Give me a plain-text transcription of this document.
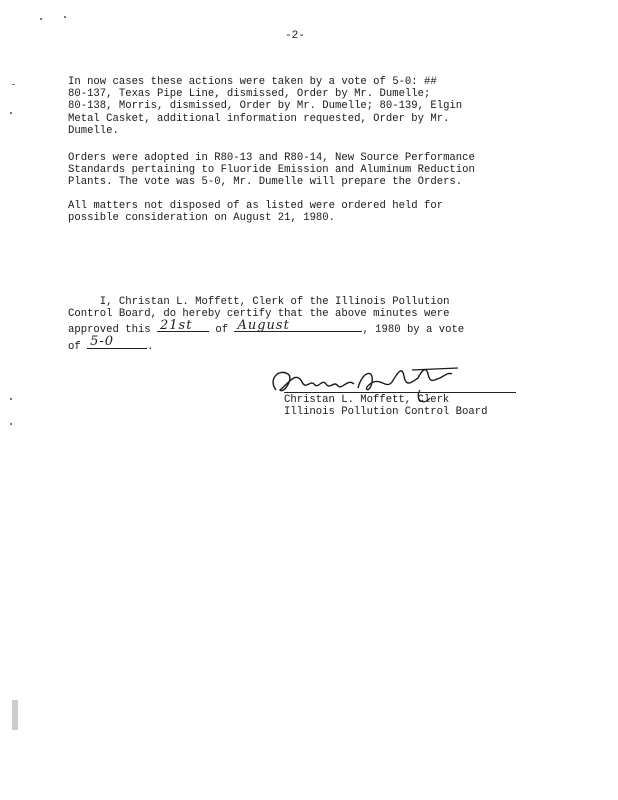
-2-

In now cases these actions were taken by a vote of 5-0: ##
80-137, Texas Pipe Line, dismissed, Order by Mr. Dumelle;
80-138, Morris, dismissed, Order by Mr. Dumelle; 80-139, Elgin
Metal Casket, additional information requested, Order by Mr.
Dumelle.

Orders were adopted in R80-13 and R80-14, New Source Performance
Standards pertaining to Fluoride Emission and Aluminum Reduction
Plants. The vote was 5-0, Mr. Dumelle will prepare the Orders.

All matters not disposed of as listed were ordered held for
possible consideration on August 21, 1980.

I, Christan L. Moffett, Clerk of the Illinois Pollution
Control Board, do hereby certify that the above minutes were
approved this 21st of August	, 1980 by a vote
of 5-0	.
Christan L. Moffett, Clerk
Illinois Pollution Control Board
